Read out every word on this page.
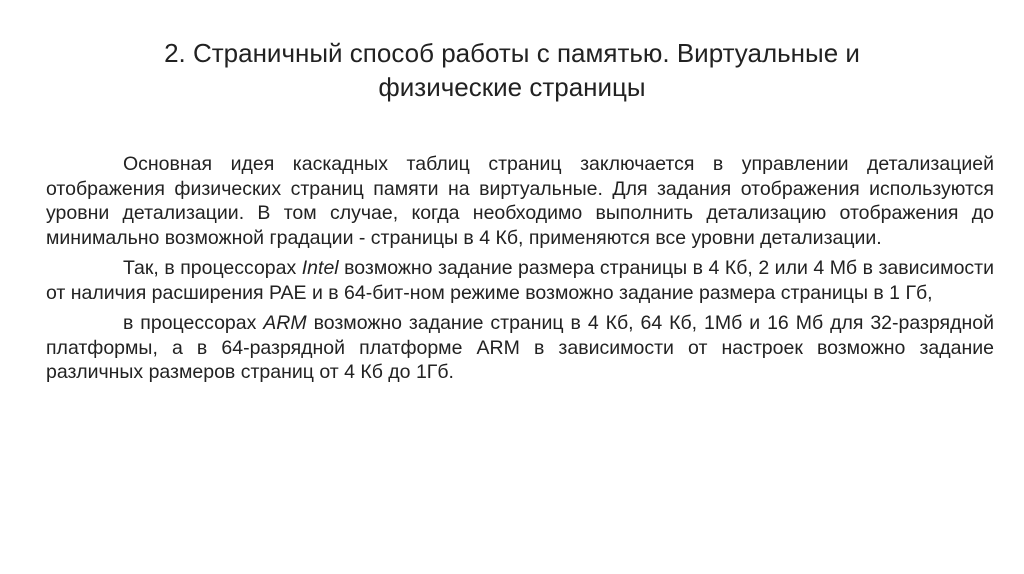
2. Страничный способ работы с памятью. Виртуальные и
физические страницы

Основная идея каскадных таблиц страниц заключается в управлении детализацией отображения физических страниц памяти на виртуальные. Для задания отображения используются уровни детализации. В том случае, когда необходимо выполнить детализацию отображения до минимально возможной градации - страницы в 4 Кб, применяются все уровни детализации.

Так, в процессорах Intel возможно задание размера страницы в 4 Кб, 2 или 4 Мб в зависимости от наличия расширения PAE и в 64-бит-ном режиме возможно задание размера страницы в 1 Гб,

в процессорах ARM возможно задание страниц в 4 Кб, 64 Кб, 1Мб и 16 Мб для 32-разрядной платформы, а в 64-разрядной платформе ARM в зависимости от настроек возможно задание различных размеров страниц от 4 Кб до 1Гб.
